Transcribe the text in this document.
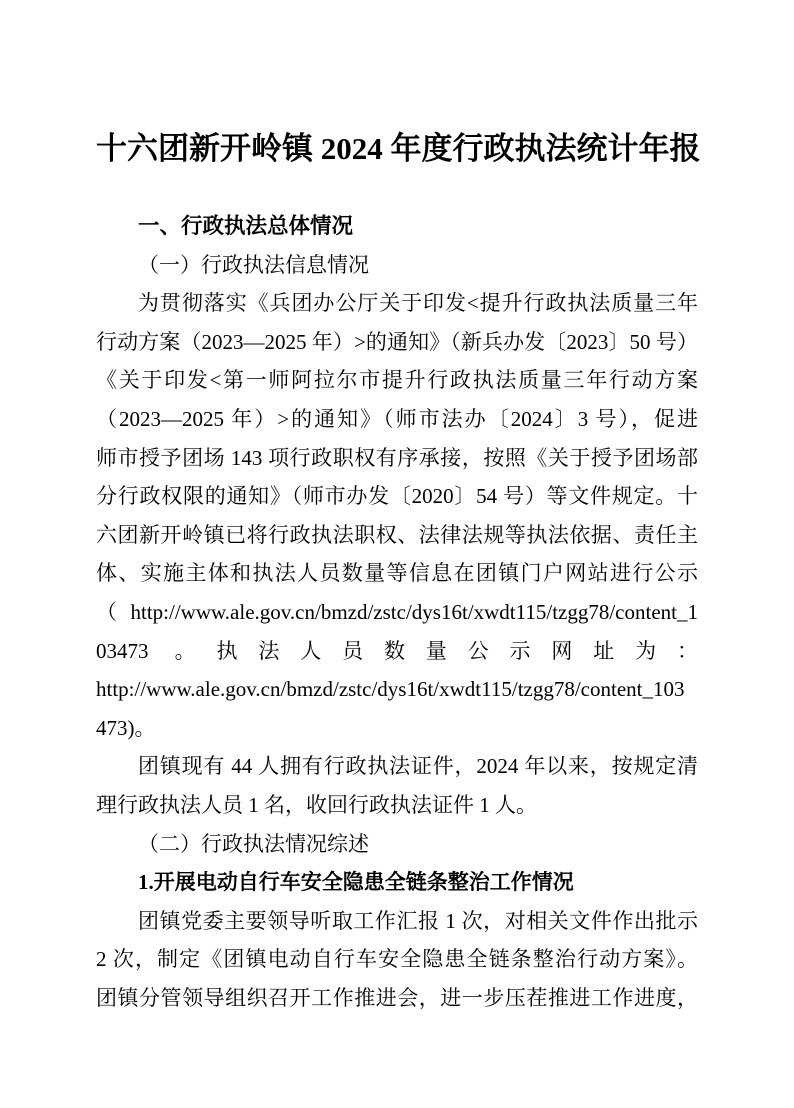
十六团新开岭镇 2024 年度行政执法统计年报
一、行政执法总体情况
（一）行政执法信息情况
为贯彻落实《兵团办公厅关于印发<提升行政执法质量三年
行动方案（2023—2025 年）>的通知》（新兵办发〔2023〕50 号）
《关于印发<第一师阿拉尔市提升行政执法质量三年行动方案
（2023—2025 年）>的通知》（师市法办〔2024〕3 号），促进
师市授予团场 143 项行政职权有序承接，按照《关于授予团场部
分行政权限的通知》（师市办发〔2020〕54 号）等文件规定。十
六团新开岭镇已将行政执法职权、法律法规等执法依据、责任主
体、实施主体和执法人员数量等信息在团镇门户网站进行公示
（http://www.ale.gov.cn/bmzd/zstc/dys16t/xwdt115/tzgg78/content_1
03473 。执法人员数量公示网址为：
http://www.ale.gov.cn/bmzd/zstc/dys16t/xwdt115/tzgg78/content_103
473)。
团镇现有 44 人拥有行政执法证件，2024 年以来，按规定清
理行政执法人员 1 名，收回行政执法证件 1 人。
（二）行政执法情况综述
1.开展电动自行车安全隐患全链条整治工作情况
团镇党委主要领导听取工作汇报 1 次，对相关文件作出批示
2 次，制定《团镇电动自行车安全隐患全链条整治行动方案》。
团镇分管领导组织召开工作推进会，进一步压茬推进工作进度，
